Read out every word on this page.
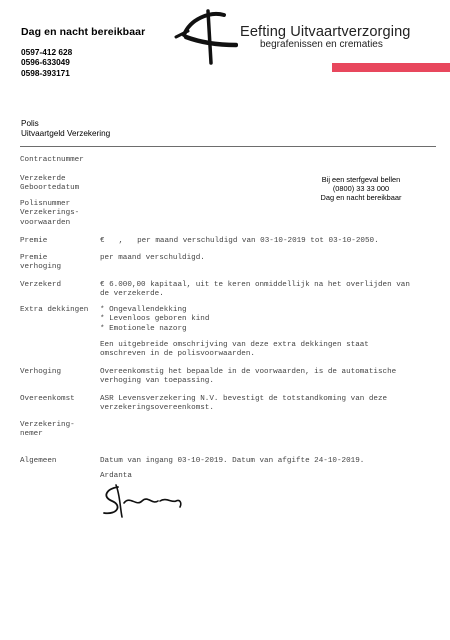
Dag en nacht bereikbaar
0597-412 628
0596-633049
0598-393171
Eefting Uitvaartverzorging
begrafenissen en crematies
Polis
Uitvaartgeld Verzekering
Bij een sterfgeval bellen
(0800) 33 33 000
Dag en nacht bereikbaar
Contractnummer
Verzekerde
Geboortedatum
Polisnummer
Verzekerings-
voorwaarden
Premie	€ , per maand verschuldigd van 03-10-2019 tot 03-10-2050.
Premie
verhoging
per maand verschuldigd.
Verzekerd	€ 6.000,00 kapitaal, uit te keren onmiddellijk na het overlijden van de verzekerde.
Extra dekkingen
*	Ongevallendekking
* Levenloos geboren kind
* Emotionele nazorg
Een uitgebreide omschrijving van deze extra dekkingen staat omschreven in de polisvoorwaarden.
Verhoging	Overeenkomstig het bepaalde in de voorwaarden, is de automatische verhoging van toepassing.
Overeenkomst	ASR Levensverzekering N.V. bevestigt de totstandkoming van deze verzekeringsovereenkomst.
Verzekering-
nemer
Algemeen	Datum van ingang 03-10-2019. Datum van afgifte 24-10-2019.
Ardanta
